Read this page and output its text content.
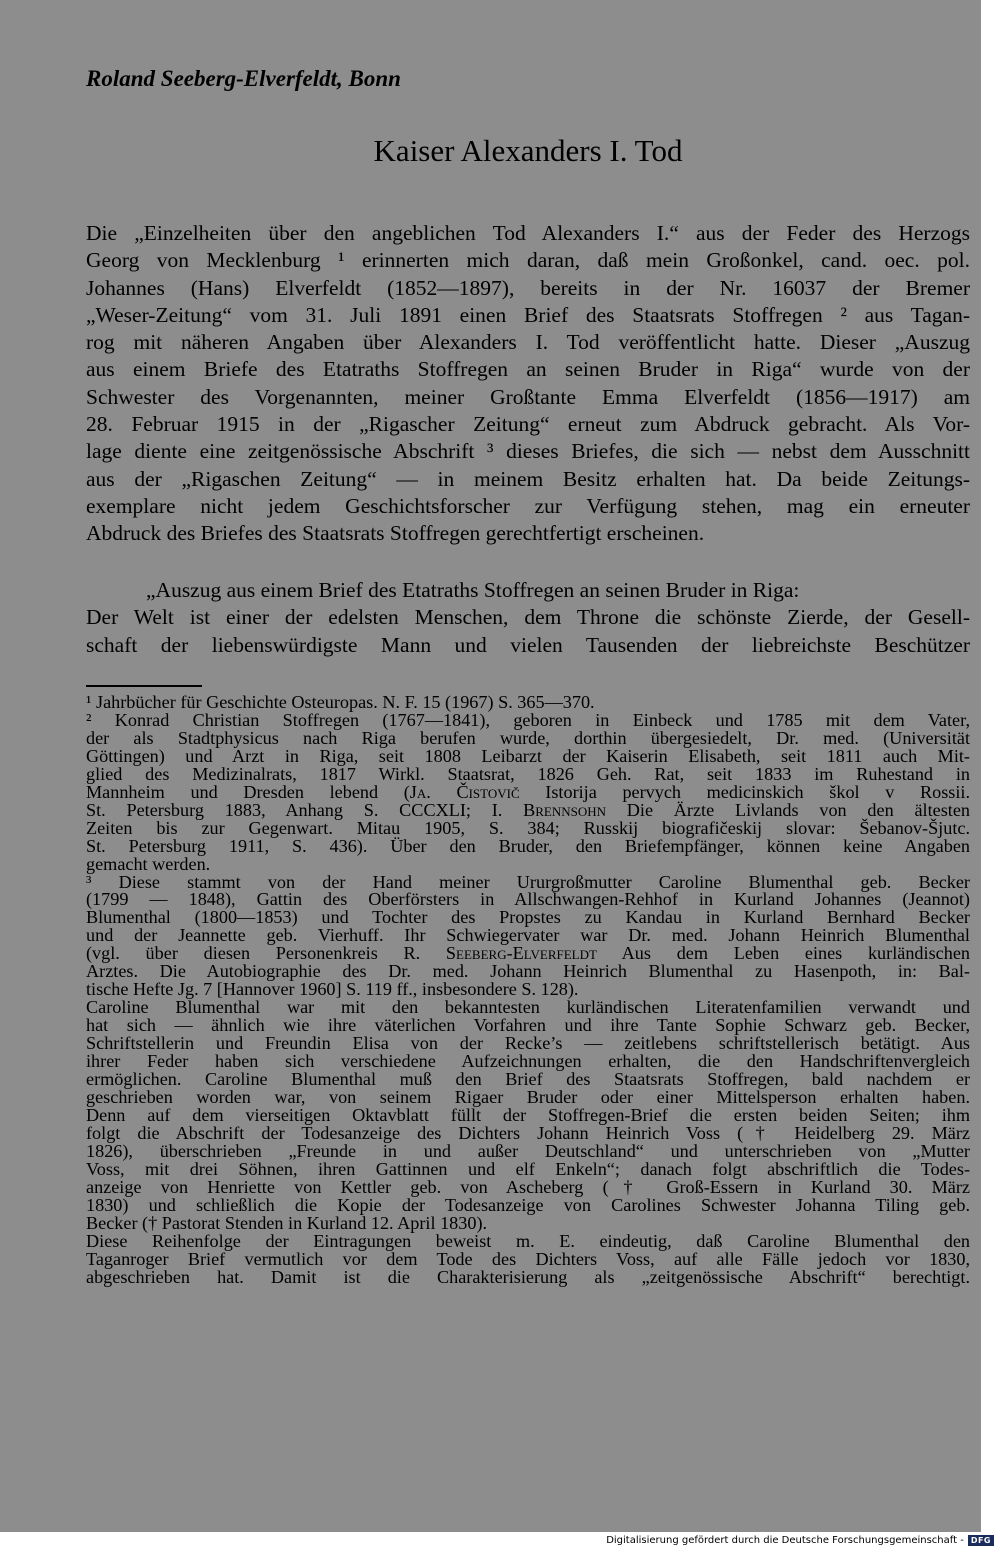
Roland Seeberg-Elverfeldt, Bonn
Kaiser Alexanders I. Tod
Die „Einzelheiten über den angeblichen Tod Alexanders I.“ aus der Feder des Herzogs
Georg von Mecklenburg ¹ erinnerten mich daran, daß mein Großonkel, cand. oec. pol.
Johannes (Hans) Elverfeldt (1852—1897), bereits in der Nr. 16037 der Bremer
„Weser-Zeitung“ vom 31. Juli 1891 einen Brief des Staatsrats Stoffregen ² aus Tagan-
rog mit näheren Angaben über Alexanders I. Tod veröffentlicht hatte. Dieser „Auszug
aus einem Briefe des Etatraths Stoffregen an seinen Bruder in Riga“ wurde von der
Schwester des Vorgenannten, meiner Großtante Emma Elverfeldt (1856—1917) am
28. Februar 1915 in der „Rigascher Zeitung“ erneut zum Abdruck gebracht. Als Vor-
lage diente eine zeitgenössische Abschrift ³ dieses Briefes, die sich — nebst dem Ausschnitt
aus der „Rigaschen Zeitung“ — in meinem Besitz erhalten hat. Da beide Zeitungs-
exemplare nicht jedem Geschichtsforscher zur Verfügung stehen, mag ein erneuter
Abdruck des Briefes des Staatsrats Stoffregen gerechtfertigt erscheinen.
„Auszug aus einem Brief des Etatraths Stoffregen an seinen Bruder in Riga:
Der Welt ist einer der edelsten Menschen, dem Throne die schönste Zierde, der Gesell-
schaft der liebenswürdigste Mann und vielen Tausenden der liebreichste Beschützer
¹ Jahrbücher für Geschichte Osteuropas. N. F. 15 (1967) S. 365—370.
² Konrad Christian Stoffregen (1767—1841), geboren in Einbeck und 1785 mit dem Vater,
der als Stadtphysicus nach Riga berufen wurde, dorthin übergesiedelt, Dr. med. (Universität
Göttingen) und Arzt in Riga, seit 1808 Leibarzt der Kaiserin Elisabeth, seit 1811 auch Mit-
glied des Medizinalrats, 1817 Wirkl. Staatsrat, 1826 Geh. Rat, seit 1833 im Ruhestand in
Mannheim und Dresden lebend (Ja. Čistovič Istorija pervych medicinskich škol v Rossii.
St. Petersburg 1883, Anhang S. CCCXLI; I. Brennsohn Die Ärzte Livlands von den ältesten
Zeiten bis zur Gegenwart. Mitau 1905, S. 384; Russkij biografičeskij slovar: Šebanov-Šjutc.
St. Petersburg 1911, S. 436). Über den Bruder, den Briefempfänger, können keine Angaben
gemacht werden.
³ Diese stammt von der Hand meiner Ururgroßmutter Caroline Blumenthal geb. Becker
(1799 — 1848), Gattin des Oberförsters in Allschwangen-Rehhof in Kurland Johannes (Jeannot)
Blumenthal (1800—1853) und Tochter des Propstes zu Kandau in Kurland Bernhard Becker
und der Jeannette geb. Vierhuff. Ihr Schwiegervater war Dr. med. Johann Heinrich Blumenthal
(vgl. über diesen Personenkreis R. Seeberg-Elverfeldt Aus dem Leben eines kurländischen
Arztes. Die Autobiographie des Dr. med. Johann Heinrich Blumenthal zu Hasenpoth, in: Bal-
tische Hefte Jg. 7 [Hannover 1960] S. 119 ff., insbesondere S. 128).
Caroline Blumenthal war mit den bekanntesten kurländischen Literatenfamilien verwandt und
hat sich — ähnlich wie ihre väterlichen Vorfahren und ihre Tante Sophie Schwarz geb. Becker,
Schriftstellerin und Freundin Elisa von der Recke’s — zeitlebens schriftstellerisch betätigt. Aus
ihrer Feder haben sich verschiedene Aufzeichnungen erhalten, die den Handschriftenvergleich
ermöglichen. Caroline Blumenthal muß den Brief des Staatsrats Stoffregen, bald nachdem er
geschrieben worden war, von seinem Rigaer Bruder oder einer Mittelsperson erhalten haben.
Denn auf dem vierseitigen Oktavblatt füllt der Stoffregen-Brief die ersten beiden Seiten; ihm
folgt die Abschrift der Todesanzeige des Dichters Johann Heinrich Voss († Heidelberg 29. März
1826), überschrieben „Freunde in und außer Deutschland“ und unterschrieben von „Mutter
Voss, mit drei Söhnen, ihren Gattinnen und elf Enkeln“; danach folgt abschriftlich die Todes-
anzeige von Henriette von Kettler geb. von Ascheberg († Groß-Essern in Kurland 30. März
1830) und schließlich die Kopie der Todesanzeige von Carolines Schwester Johanna Tiling geb.
Becker († Pastorat Stenden in Kurland 12. April 1830).
Diese Reihenfolge der Eintragungen beweist m. E. eindeutig, daß Caroline Blumenthal den
Taganroger Brief vermutlich vor dem Tode des Dichters Voss, auf alle Fälle jedoch vor 1830,
abgeschrieben hat. Damit ist die Charakterisierung als „zeitgenössische Abschrift“ berechtigt.
Digitalisierung gefördert durch die Deutsche Forschungsgemeinschaft - DFG
